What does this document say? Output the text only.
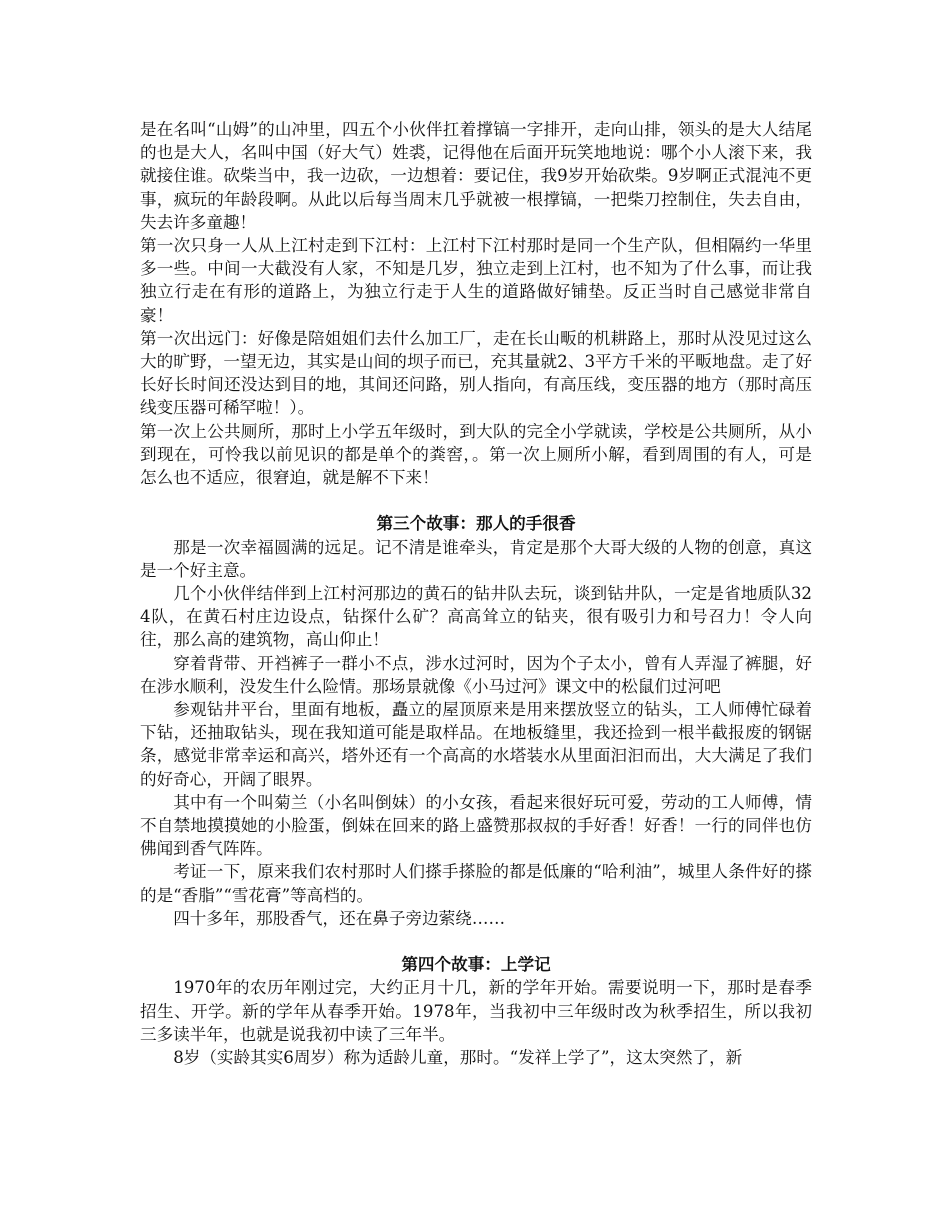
是在名叫“山姆”的山冲里，四五个小伙伴扛着撑镐一字排开，走向山排，领头的是大人结尾的也是大人，名叫中国（好大气）姓裘，记得他在后面开玩笑地地说：哪个小人滚下来，我就接住谁。砍柴当中，我一边砍，一边想着：要记住，我9岁开始砍柴。9岁啊正式混沌不更事，疯玩的年龄段啊。从此以后每当周末几乎就被一根撑镐，一把柴刀控制住，失去自由，失去许多童趣！

第一次只身一人从上江村走到下江村：上江村下江村那时是同一个生产队，但相隔约一华里多一些。中间一大截没有人家，不知是几岁，独立走到上江村，也不知为了什么事，而让我独立行走在有形的道路上，为独立行走于人生的道路做好铺垫。反正当时自己感觉非常自豪！

第一次出远门：好像是陪姐姐们去什么加工厂，走在长山畈的机耕路上，那时从没见过这么大的旷野，一望无边，其实是山间的坝子而已，充其量就2、3平方千米的平畈地盘。走了好长好长时间还没达到目的地，其间还问路，别人指向，有高压线，变压器的地方（那时高压线变压器可稀罕啦！）。

第一次上公共厕所，那时上小学五年级时，到大队的完全小学就读，学校是公共厕所，从小到现在，可怜我以前见识的都是单个的粪窖，。第一次上厕所小解，看到周围的有人，可是怎么也不适应，很窘迫，就是解不下来！

第三个故事：那人的手很香

那是一次幸福圆满的远足。记不清是谁牵头，肯定是那个大哥大级的人物的创意，真这是一个好主意。

几个小伙伴结伴到上江村河那边的黄石的钻井队去玩，谈到钻井队，一定是省地质队324队，在黄石村庄边设点，钻探什么矿？高高耸立的钻夹，很有吸引力和号召力！令人向往，那么高的建筑物，高山仰止！

穿着背带、开裆裤子一群小不点，涉水过河时，因为个子太小，曾有人弄湿了裤腿，好在涉水顺利，没发生什么险情。那场景就像《小马过河》课文中的松鼠们过河吧

参观钻井平台，里面有地板，矗立的屋顶原来是用来摆放竖立的钻头，工人师傅忙碌着下钻，还抽取钻头，现在我知道可能是取样品。在地板缝里，我还捡到一根半截报废的钢锯条，感觉非常幸运和高兴，塔外还有一个高高的水塔装水从里面汩汩而出，大大满足了我们的好奇心，开阔了眼界。

其中有一个叫菊兰（小名叫倒妹）的小女孩，看起来很好玩可爱，劳动的工人师傅，情不自禁地摸摸她的小脸蛋，倒妹在回来的路上盛赞那叔叔的手好香！好香！一行的同伴也仿佛闻到香气阵阵。

考证一下，原来我们农村那时人们搽手搽脸的都是低廉的“哈利油”，城里人条件好的搽的是“香脂”“雪花膏”等高档的。

四十多年，那股香气，还在鼻子旁边萦绕……

第四个故事：上学记

1970年的农历年刚过完，大约正月十几，新的学年开始。需要说明一下，那时是春季招生、开学。新的学年从春季开始。1978年，当我初中三年级时改为秋季招生，所以我初三多读半年，也就是说我初中读了三年半。

8岁（实龄其实6周岁）称为适龄儿童，那时。“发祥上学了”，这太突然了，新
